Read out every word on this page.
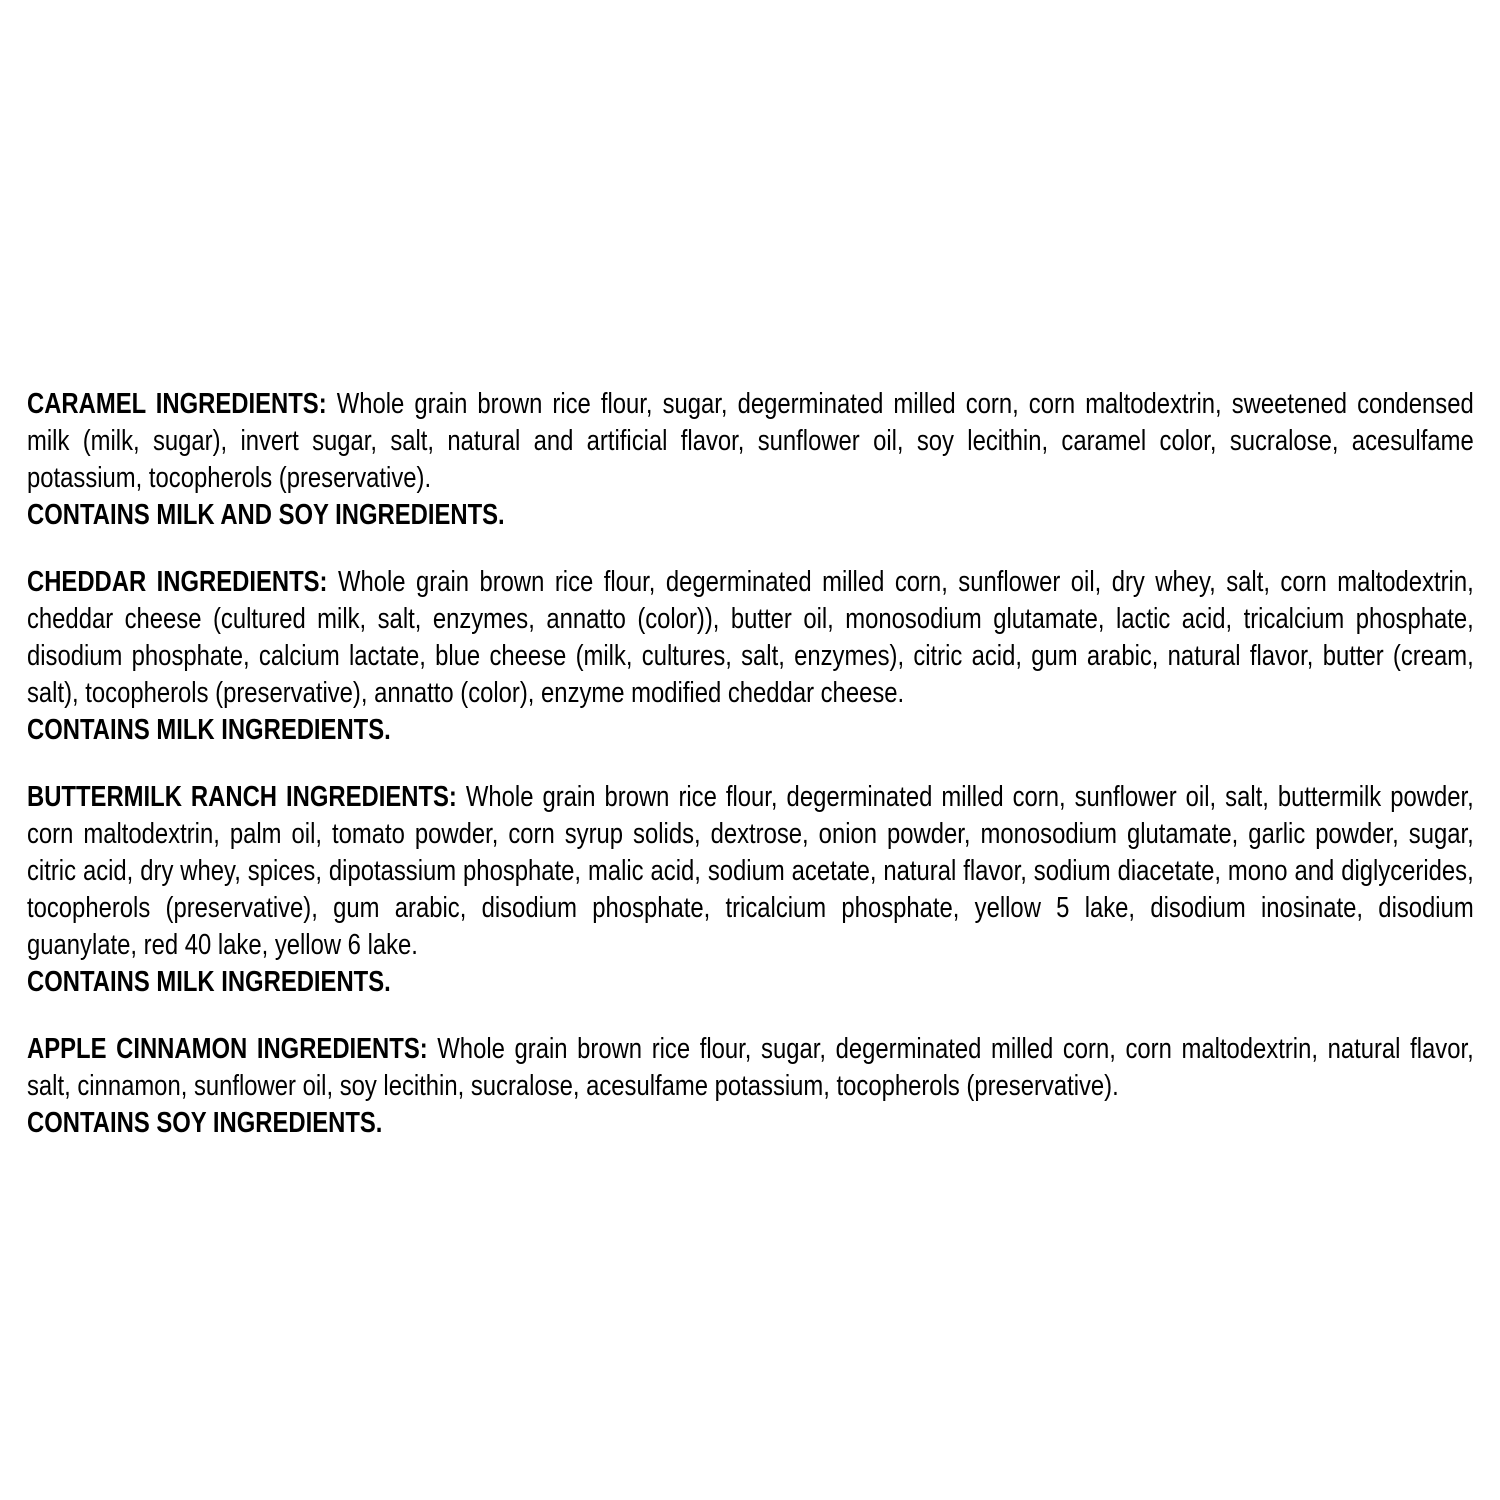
CARAMEL INGREDIENTS: Whole grain brown rice flour, sugar, degerminated milled corn, corn maltodextrin, sweetened condensed milk (milk, sugar), invert sugar, salt, natural and artificial flavor, sunflower oil, soy lecithin, caramel color, sucralose, acesulfame potassium, tocopherols (preservative).

CONTAINS MILK AND SOY INGREDIENTS.

CHEDDAR INGREDIENTS: Whole grain brown rice flour, degerminated milled corn, sunflower oil, dry whey, salt, corn maltodextrin, cheddar cheese (cultured milk, salt, enzymes, annatto (color)), butter oil, monosodium glutamate, lactic acid, tricalcium phosphate, disodium phosphate, calcium lactate, blue cheese (milk, cultures, salt, enzymes), citric acid, gum arabic, natural flavor, butter (cream, salt), tocopherols (preservative), annatto (color), enzyme modified cheddar cheese.

CONTAINS MILK INGREDIENTS.

BUTTERMILK RANCH INGREDIENTS: Whole grain brown rice flour, degerminated milled corn, sunflower oil, salt, buttermilk powder, corn maltodextrin, palm oil, tomato powder, corn syrup solids, dextrose, onion powder, monosodium glutamate, garlic powder, sugar, citric acid, dry whey, spices, dipotassium phosphate, malic acid, sodium acetate, natural flavor, sodium diacetate, mono and diglycerides, tocopherols (preservative), gum arabic, disodium phosphate, tricalcium phosphate, yellow 5 lake, disodium inosinate, disodium guanylate, red 40 lake, yellow 6 lake.

CONTAINS MILK INGREDIENTS.

APPLE CINNAMON INGREDIENTS: Whole grain brown rice flour, sugar, degerminated milled corn, corn maltodextrin, natural flavor, salt, cinnamon, sunflower oil, soy lecithin, sucralose, acesulfame potassium, tocopherols (preservative).

CONTAINS SOY INGREDIENTS.
